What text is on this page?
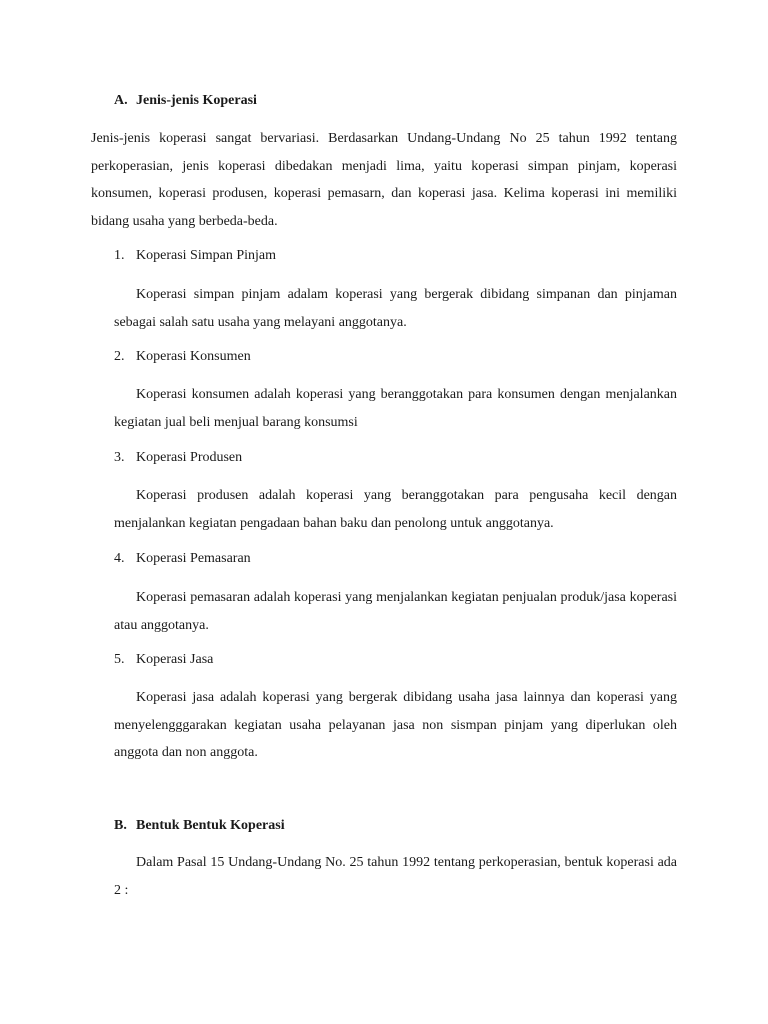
A. Jenis-jenis Koperasi

Jenis-jenis koperasi sangat bervariasi. Berdasarkan Undang-Undang No 25 tahun 1992 tentang perkoperasian, jenis koperasi dibedakan menjadi lima, yaitu koperasi simpan pinjam, koperasi konsumen, koperasi produsen, koperasi pemasarn, dan koperasi jasa. Kelima koperasi ini memiliki bidang usaha yang berbeda-beda.

1. Koperasi Simpan Pinjam

Koperasi simpan pinjam adalam koperasi yang bergerak dibidang simpanan dan pinjaman sebagai salah satu usaha yang melayani anggotanya.

2. Koperasi Konsumen

Koperasi konsumen adalah koperasi yang beranggotakan para konsumen dengan menjalankan kegiatan jual beli menjual barang konsumsi

3. Koperasi Produsen

Koperasi produsen adalah koperasi yang beranggotakan para pengusaha kecil dengan menjalankan kegiatan pengadaan bahan baku dan penolong untuk anggotanya.

4. Koperasi Pemasaran

Koperasi pemasaran adalah koperasi yang menjalankan kegiatan penjualan produk/jasa koperasi atau anggotanya.

5. Koperasi Jasa

Koperasi jasa adalah koperasi yang bergerak dibidang usaha jasa lainnya dan koperasi yang menyelengggarakan kegiatan usaha pelayanan jasa non sismpan pinjam yang diperlukan oleh anggota dan non anggota.

B. Bentuk Bentuk Koperasi

Dalam Pasal 15 Undang-Undang No. 25 tahun 1992 tentang perkoperasian, bentuk koperasi ada 2 :
